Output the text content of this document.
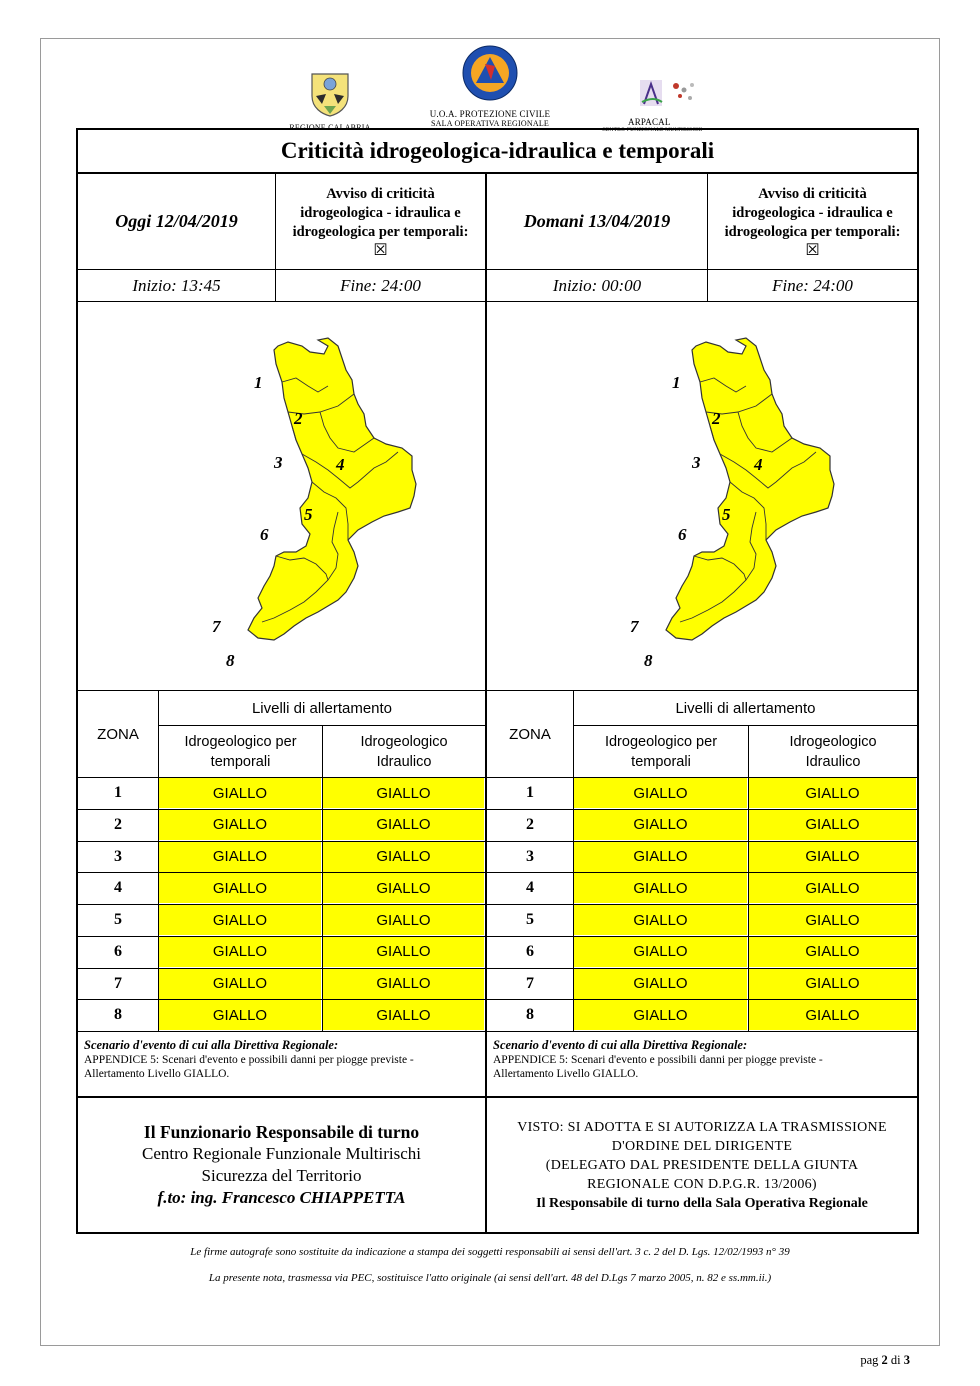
REGIONE CALABRIA
U.O.A. PROTEZIONE CIVILE
SALA OPERATIVA REGIONALE	ARPACAL
CENTRO FUNZIONALE MULTIRISCHI
Criticità idrogeologica-idraulica e temporali
Oggi 12/04/2019
Avviso di criticità
idrogeologica - idraulica e
idrogeologica per temporali:
☒
Inizio: 13:45	Fine: 24:00
Domani 13/04/2019
Avviso di criticità
idrogeologica - idraulica e
idrogeologica per temporali:
☒
Inizio: 00:00	Fine: 24:00
1
2
3	4
5
6
7
8
1
2
3	4
5
6
7
8
ZONA
Livelli di allertamento
Idrogeologico per
temporali
Idrogeologico
Idraulico
1	GIALLO	GIALLO
2	GIALLO	GIALLO
3	GIALLO	GIALLO
4	GIALLO	GIALLO
5	GIALLO	GIALLO
6	GIALLO	GIALLO
7	GIALLO	GIALLO
8	GIALLO	GIALLO
ZONA
Livelli di allertamento
Idrogeologico per
temporali
Idrogeologico
Idraulico
1	GIALLO	GIALLO
2	GIALLO	GIALLO
3	GIALLO	GIALLO
4	GIALLO	GIALLO
5	GIALLO	GIALLO
6	GIALLO	GIALLO
7	GIALLO	GIALLO
8	GIALLO	GIALLO
Scenario d'evento di cui alla Direttiva Regionale:
APPENDICE 5: Scenari d'evento e possibili danni per piogge previste -
Allertamento Livello GIALLO.
Scenario d'evento di cui alla Direttiva Regionale:
APPENDICE 5: Scenari d'evento e possibili danni per piogge previste -
Allertamento Livello GIALLO.
Il Funzionario Responsabile di turno
Centro Regionale Funzionale Multirischi
Sicurezza del Territorio
f.to: ing. Francesco CHIAPPETTA
VISTO: SI ADOTTA E SI AUTORIZZA LA TRASMISSIONE
D'ORDINE DEL DIRIGENTE
(DELEGATO DAL PRESIDENTE DELLA GIUNTA
REGIONALE CON D.P.G.R. 13/2006)
Il Responsabile di turno della Sala Operativa Regionale
Le firme autografe sono sostituite da indicazione a stampa dei soggetti responsabili ai sensi dell'art. 3 c. 2 del D. Lgs. 12/02/1993 n° 39
La presente nota, trasmessa via PEC, sostituisce l'atto originale (ai sensi dell'art. 48 del D.Lgs 7 marzo 2005, n. 82 e ss.mm.ii.)
pag 2 di 3
